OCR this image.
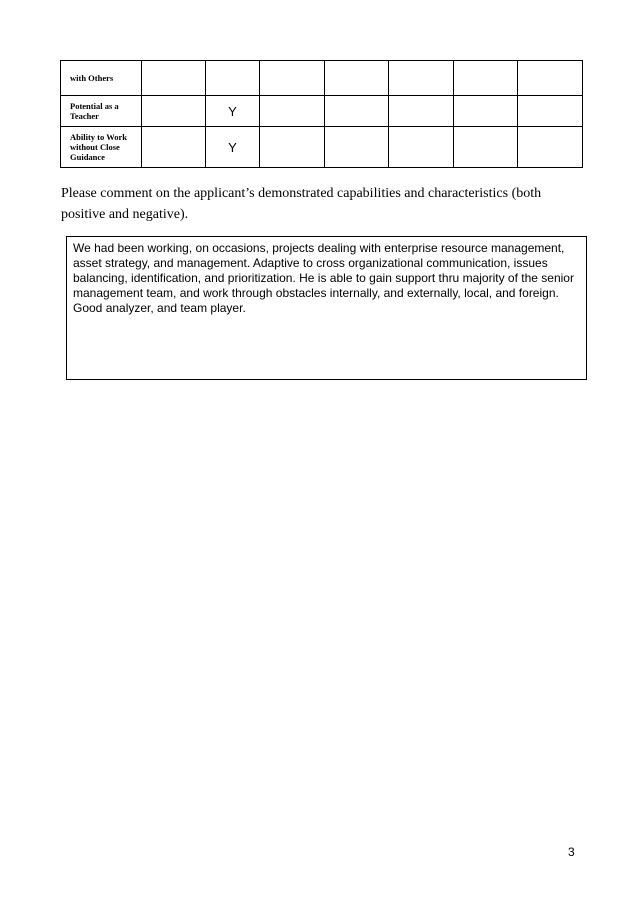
with Others							
Potential as a Teacher		Y					
Ability to Work without Close Guidance		Y					
Please comment on the applicant’s demonstrated capabilities and characteristics (both positive and negative).
We had been working, on occasions, projects dealing with enterprise resource management, asset strategy, and management. Adaptive to cross organizational communication, issues balancing, identification, and prioritization. He is able to gain support thru majority of the senior management team, and work through obstacles internally, and externally, local, and foreign. Good analyzer, and team player.
3
